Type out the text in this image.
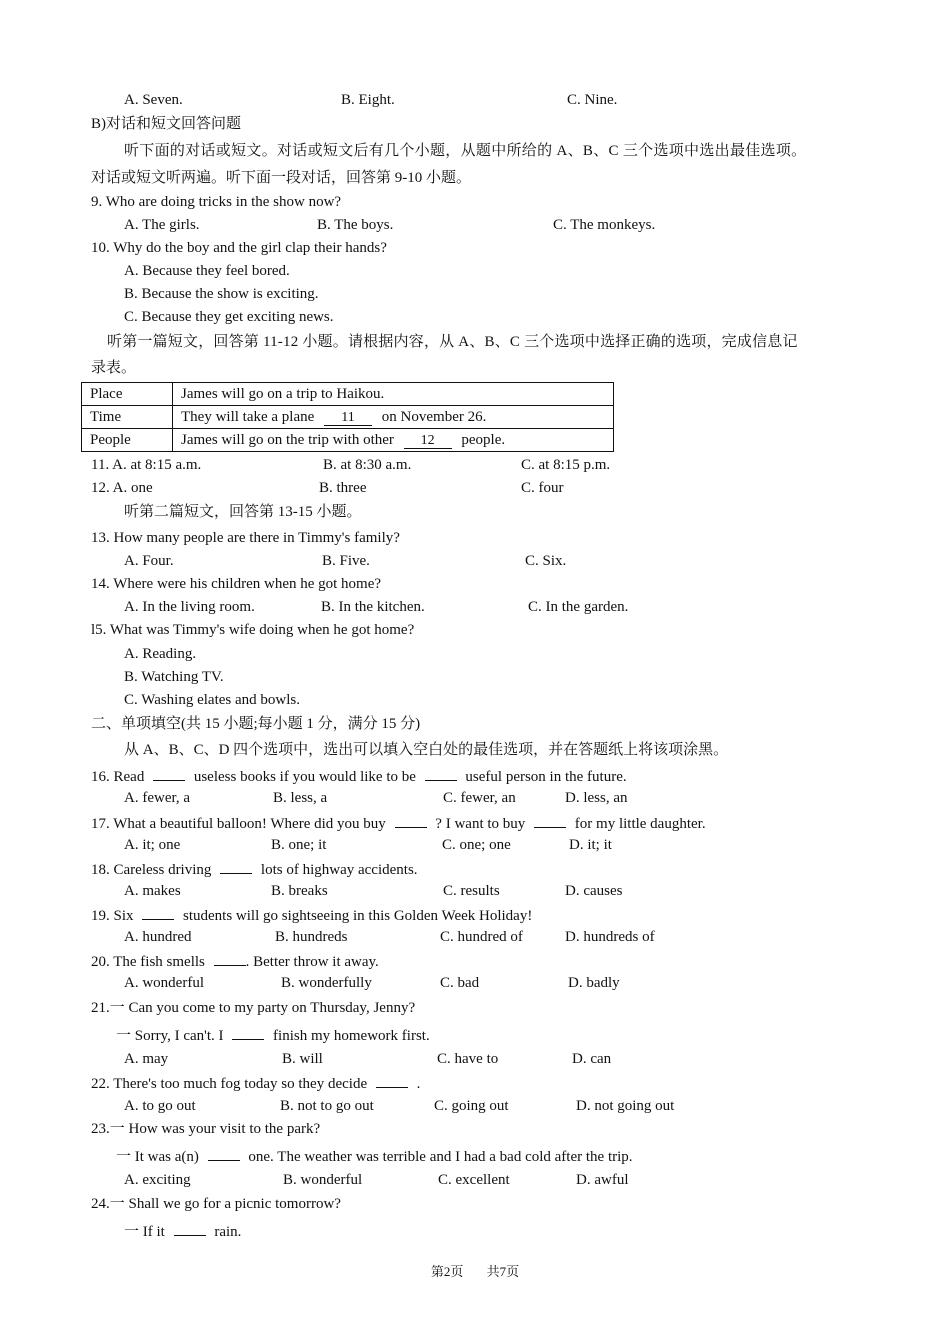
A. Seven.	B. Eight.	C. Nine.
B)对话和短文回答问题
听下面的对话或短文。对话或短文后有几个小题，从题中所给的 A、B、C 三个选项中选出最佳选项。
对话或短文听两遍。听下面一段对话，回答第 9-10 小题。
9. Who are doing tricks in the show now?
A. The girls.	B. The boys.	C. The monkeys.
10. Why do the boy and the girl clap their hands?
A. Because they feel bored.
B. Because the show is exciting.
C. Because they get exciting news.
听第一篇短文，回答第 11-12 小题。请根据内容，从 A、B、C 三个选项中选择正确的选项，完成信息记
录表。
Place	James will go on a trip to Haikou.
Time	They will take a plane 11 on November 26.
People	James will go on the trip with other 12 people.
11. A. at 8:15 a.m.	B. at 8:30 a.m.	C. at 8:15 p.m.
12. A. one	B. three	C. four
听第二篇短文，回答第 13-15 小题。
13. How many people are there in Timmy's family?
A. Four.	B. Five.	C. Six.
14. Where were his children when he got home?
A. In the living room.	B. In the kitchen.	C. In the garden.
l5. What was Timmy's wife doing when he got home?
A. Reading.
B. Watching TV.
C. Washing elates and bowls.
二、单项填空(共 15 小题;每小题 1 分，满分 15 分)
从 A、B、C、D 四个选项中，选出可以填入空白处的最佳选项，并在答题纸上将该项涂黑。
16. Read	useless books if you would like to be	useful person in the future.
A. fewer, a	B. less, a	C. fewer, an	D. less, an
17. What a beautiful balloon! Where did you buy	? I want to buy	for my little daughter.
A. it; one	B. one; it	C. one; one	D. it; it
18. Careless driving	lots of highway accidents.
A. makes	B. breaks	C. results	D. causes
19. Six	students will go sightseeing in this Golden Week Holiday!
A. hundred	B. hundreds	C. hundred of	D. hundreds of
20. The fish smells	. Better throw it away.
A. wonderful	B. wonderfully	C. bad	D. badly
21.一 Can you come to my party on Thursday, Jenny?
一 Sorry, I can't. I	finish my homework first.
A. may	B. will	C. have to	D. can
22. There's too much fog today so they decide	.
A. to go out	B. not to go out	C. going out	D. not going out
23.一 How was your visit to the park?
一 It was a(n)	one. The weather was terrible and I had a bad cold after the trip.
A. exciting	B. wonderful	C. excellent	D. awful
24.一 Shall we go for a picnic tomorrow?
一 If it	rain.
第2页 共7页
